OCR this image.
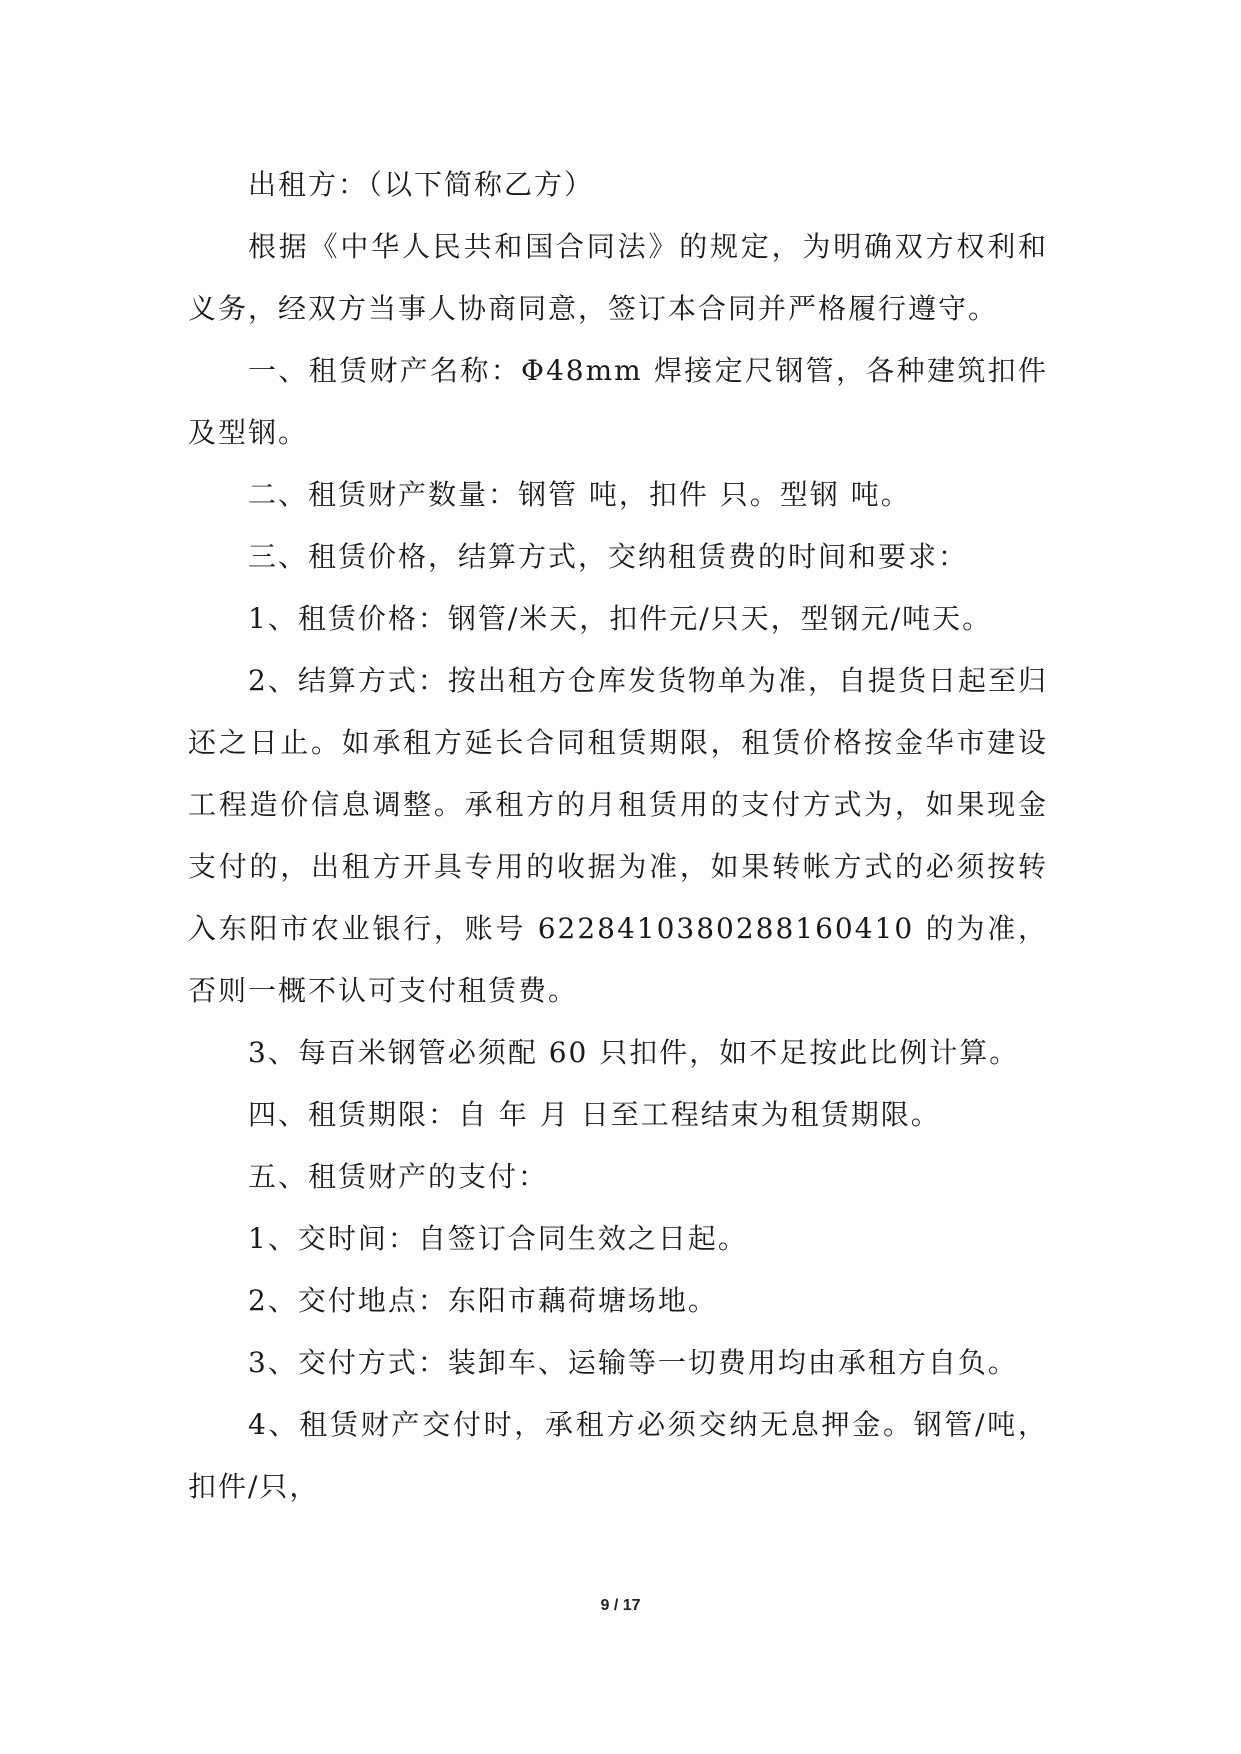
出租方：（以下简称乙方）

根据《中华人民共和国合同法》的规定，为明确双方权利和义务，经双方当事人协商同意，签订本合同并严格履行遵守。

一、租赁财产名称：Φ48mm 焊接定尺钢管，各种建筑扣件及型钢。

二、租赁财产数量：钢管 吨，扣件 只。型钢 吨。

三、租赁价格，结算方式，交纳租赁费的时间和要求：

1、租赁价格：钢管/米天，扣件元/只天，型钢元/吨天。

2、结算方式：按出租方仓库发货物单为准，自提货日起至归还之日止。如承租方延长合同租赁期限，租赁价格按金华市建设工程造价信息调整。承租方的月租赁用的支付方式为，如果现金支付的，出租方开具专用的收据为准，如果转帐方式的必须按转入东阳市农业银行，账号 6228410380288160410 的为准，否则一概不认可支付租赁费。

3、每百米钢管必须配 60 只扣件，如不足按此比例计算。

四、租赁期限：自 年 月 日至工程结束为租赁期限。

五、租赁财产的支付：

1、交时间：自签订合同生效之日起。

2、交付地点：东阳市藕荷塘场地。

3、交付方式：装卸车、运输等一切费用均由承租方自负。

4、租赁财产交付时，承租方必须交纳无息押金。钢管/吨，扣件/只，

9 / 17
